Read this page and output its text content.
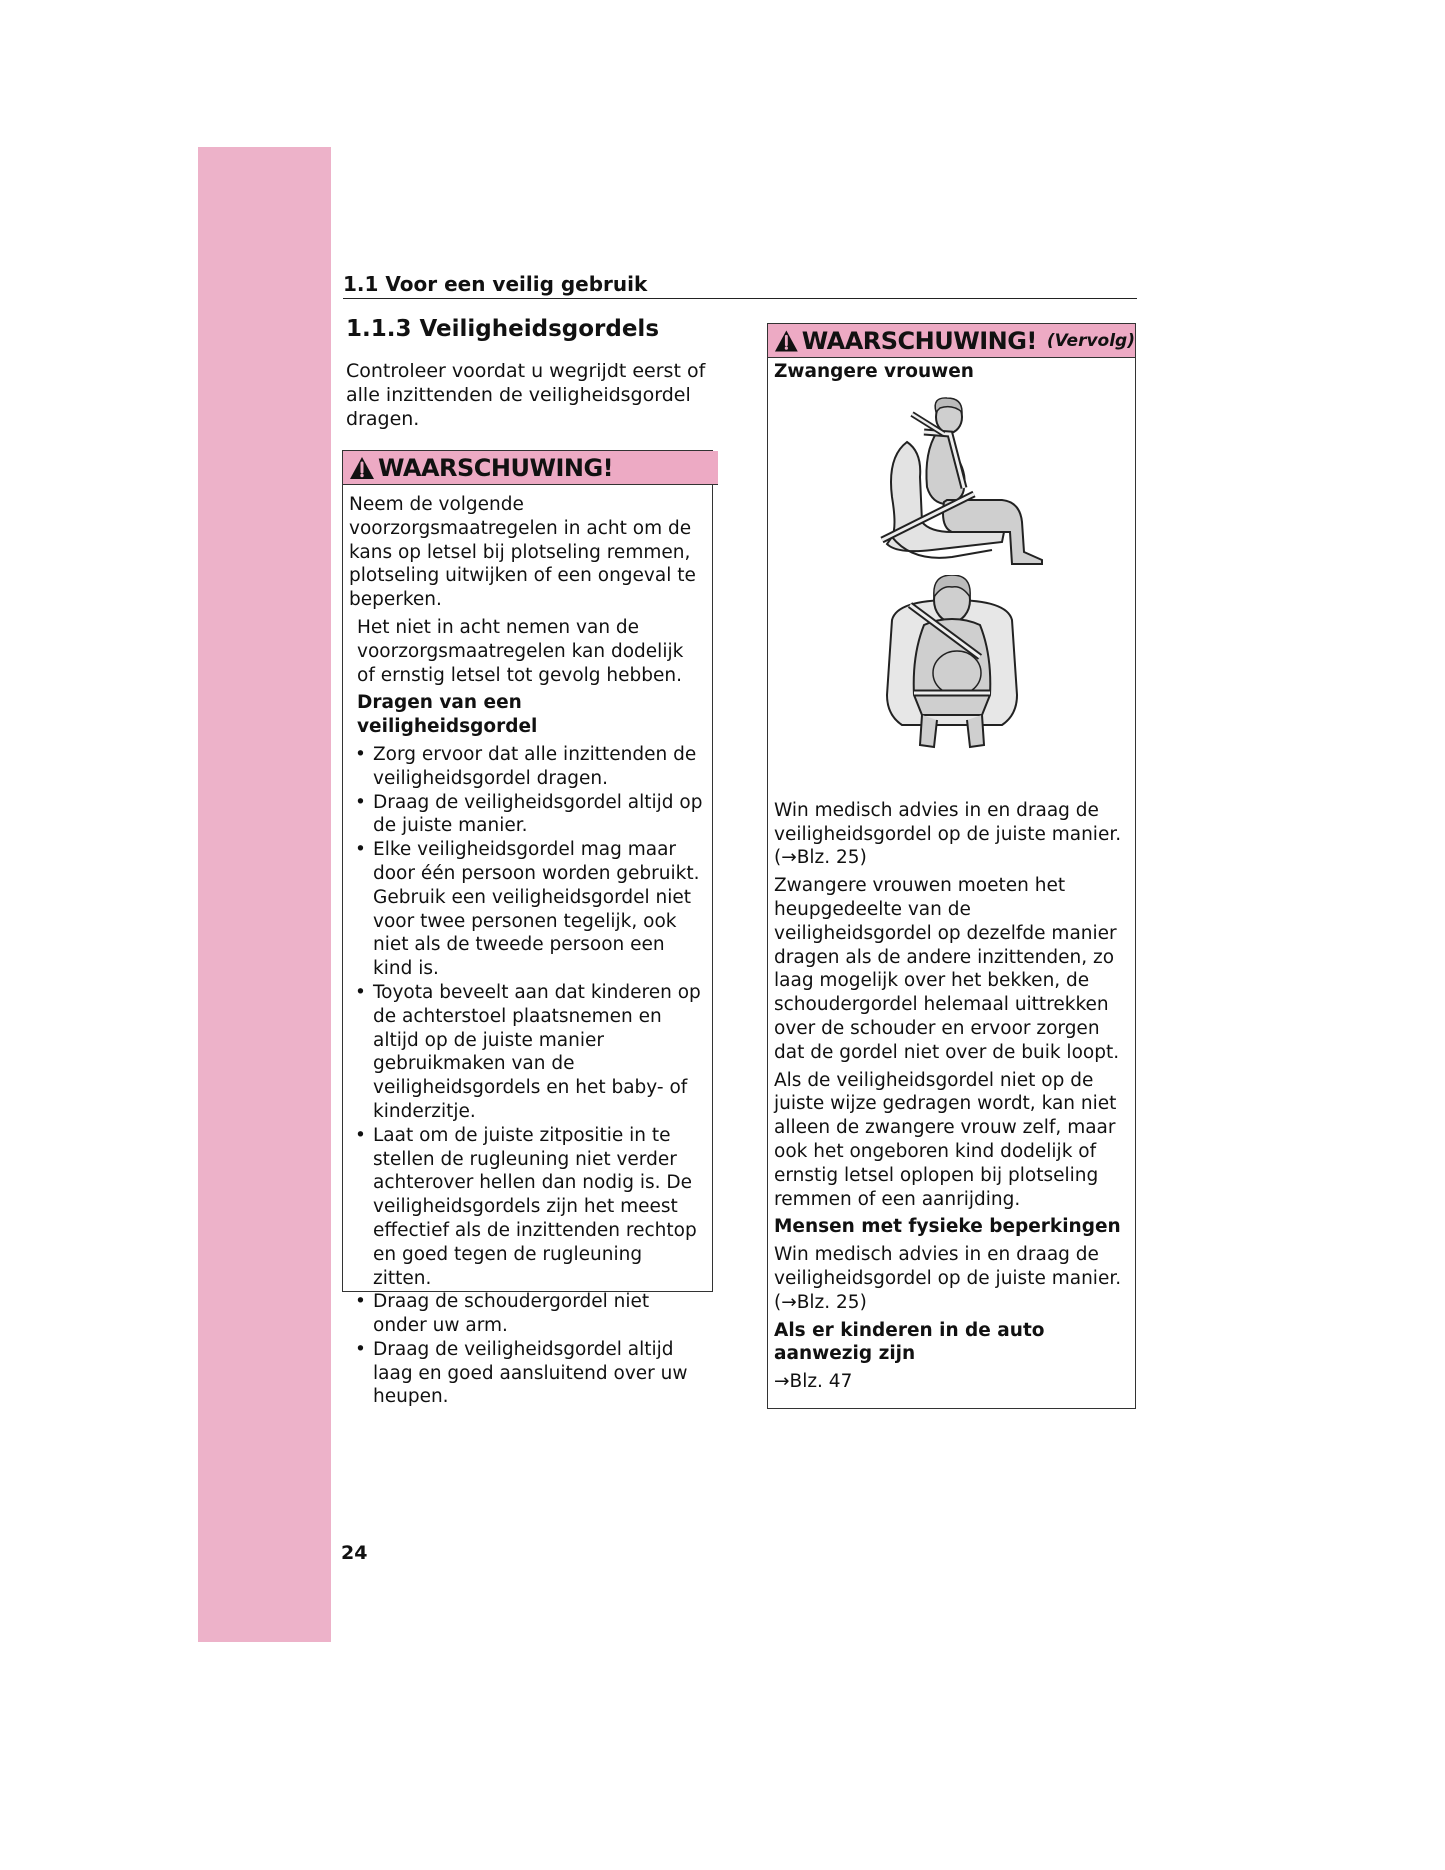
1.1 Voor een veilig gebruik
1.1.3 Veiligheidsgordels

Controleer voordat u wegrijdt eerst of alle inzittenden de veiligheidsgordel dragen.

WAARSCHUWING!

Neem de volgende voorzorgsmaatregelen in acht om de kans op letsel bij plotseling remmen, plotseling uitwijken of een ongeval te beperken.

Het niet in acht nemen van de voorzorgsmaatregelen kan dodelijk of ernstig letsel tot gevolg hebben.

Dragen van een veiligheidsgordel

• Zorg ervoor dat alle inzittenden de veiligheidsgordel dragen.
• Draag de veiligheidsgordel altijd op de juiste manier.
• Elke veiligheidsgordel mag maar door één persoon worden gebruikt. Gebruik een veiligheidsgordel niet voor twee personen tegelijk, ook niet als de tweede persoon een kind is.
• Toyota beveelt aan dat kinderen op de achterstoel plaatsnemen en altijd op de juiste manier gebruikmaken van de veiligheidsgordels en het baby- of kinderzitje.
• Laat om de juiste zitpositie in te stellen de rugleuning niet verder achterover hellen dan nodig is. De veiligheidsgordels zijn het meest effectief als de inzittenden rechtop en goed tegen de rugleuning zitten.
• Draag de schoudergordel niet onder uw arm.
• Draag de veiligheidsgordel altijd laag en goed aansluitend over uw heupen.
WAARSCHUWING! (Vervolg)

Zwangere vrouwen

Win medisch advies in en draag de veiligheidsgordel op de juiste manier. (→Blz. 25)

Zwangere vrouwen moeten het heupgedeelte van de veiligheidsgordel op dezelfde manier dragen als de andere inzittenden, zo laag mogelijk over het bekken, de schoudergordel helemaal uittrekken over de schouder en ervoor zorgen dat de gordel niet over de buik loopt.

Als de veiligheidsgordel niet op de juiste wijze gedragen wordt, kan niet alleen de zwangere vrouw zelf, maar ook het ongeboren kind dodelijk of ernstig letsel oplopen bij plotseling remmen of een aanrijding.

Mensen met fysieke beperkingen

Win medisch advies in en draag de veiligheidsgordel op de juiste manier. (→Blz. 25)

Als er kinderen in de auto aanwezig zijn

→Blz. 47

24
